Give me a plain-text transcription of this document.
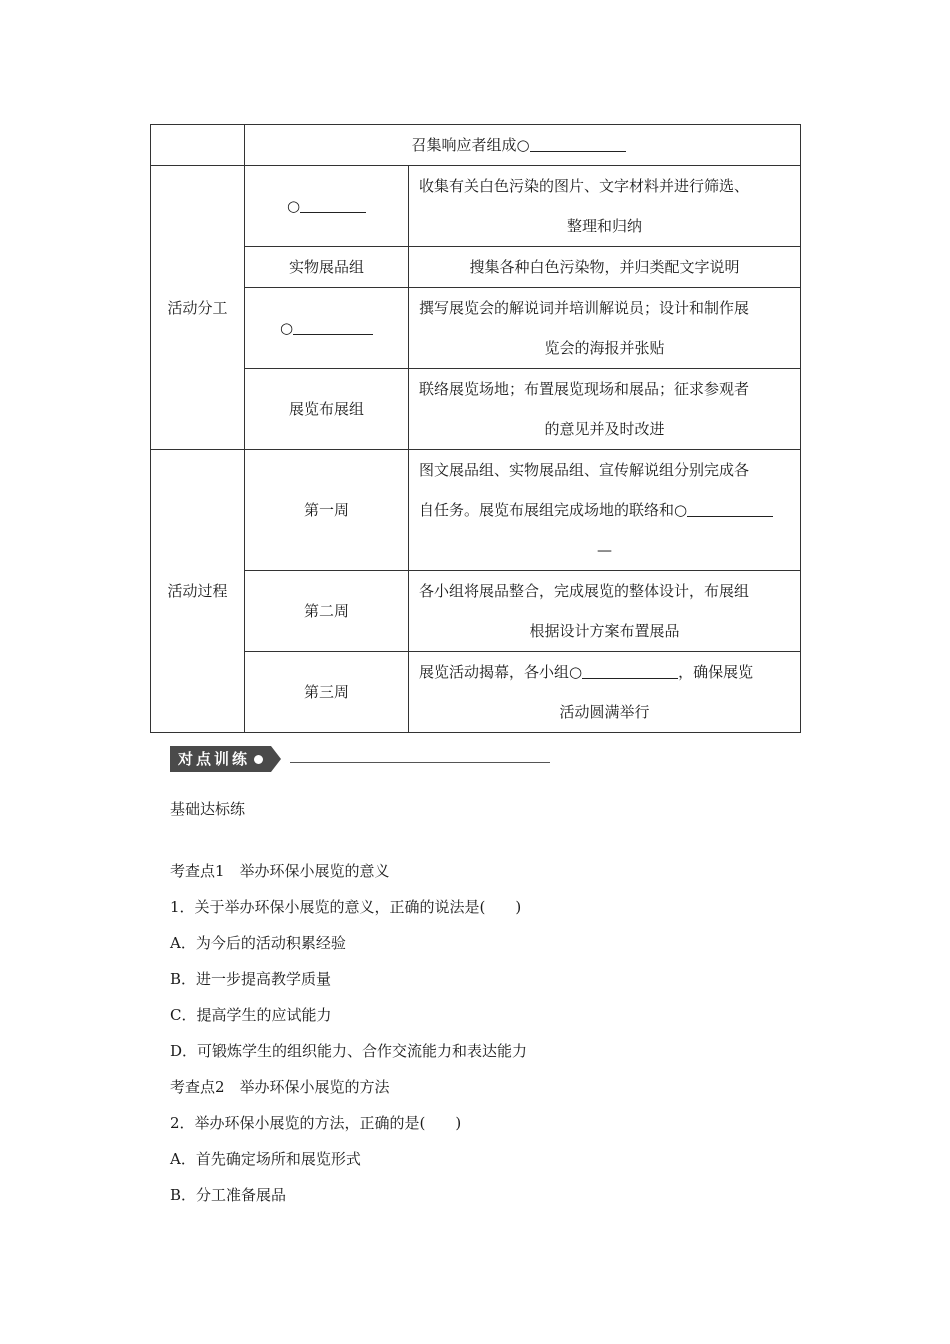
	召集响应者组成○	
活动分工	○	收集有关白色污染的图片、文字材料并进行筛选、
整理和归纳

	实物展品组	搜集各种白色污染物，并归类配文字说明
	○	撰写展览会的解说词并培训解说员；设计和制作展
览会的海报并张贴

	展览布展组	联络展览场地；布置展览现场和展品；征求参观者
的意见并及时改进

活动过程	第一周	图文展品组、实物展品组、宣传解说组分别完成各
自任务。展览布展组完成场地的联络和○
—

	第二周	各小组将展品整合，完成展览的整体设计，布展组
根据设计方案布置展品

	第三周	展览活动揭幕，各小组○ ，确保展览
活动圆满举行
对点训练
基础达标练
考查点1　举办环保小展览的意义
1．关于举办环保小展览的意义，正确的说法是(　　)
A．为今后的活动积累经验
B．进一步提高教学质量
C．提高学生的应试能力
D．可锻炼学生的组织能力、合作交流能力和表达能力
考查点2　举办环保小展览的方法
2．举办环保小展览的方法，正确的是(　　)
A．首先确定场所和展览形式
B．分工准备展品
